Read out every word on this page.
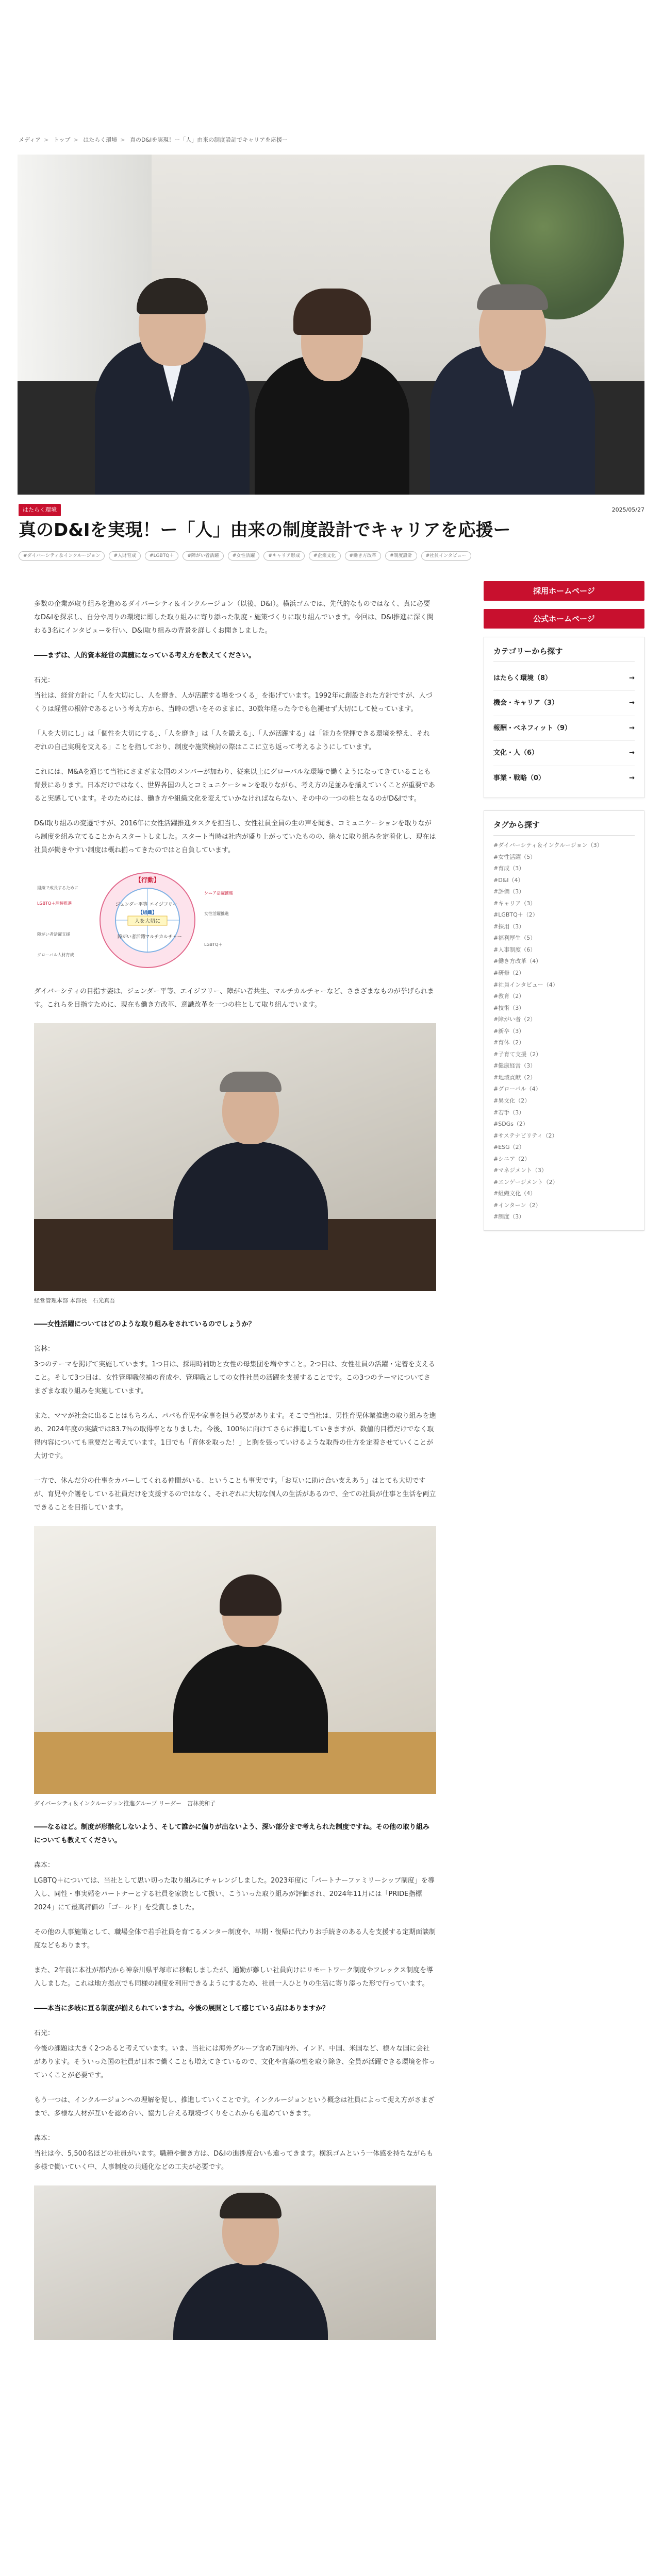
メディア > トップ > はたらく環境 > 真のD&Iを実現！ー「人」由来の制度設計でキャリアを応援ー
はたらく環境	2025/05/27
真のD&Iを実現！ー「人」由来の制度設計でキャリアを応援ー
#ダイバーシティ＆インクルージョン	#人財育成	#LGBTQ＋	#障がい者活躍	#女性活躍	#キャリア形成	#企業文化	#働き方改革	#制度設計	#社員インタビュー

多数の企業が取り組みを進めるダイバーシティ＆インクルージョン（以後、D&I）。横浜ゴムでは、先代的なものではなく、真に必要なD&Iを探求し、自分や周りの環境に即した取り組みに寄り添った制度・施策づくりに取り組んでいます。今回は、D&I推進に深く関わる3名にインタビューを行い、D&I取り組みの背景を詳しくお聞きしました。

――まずは、人的資本経営の真髄になっている考え方を教えてください。

石光：

当社は、経営方針に「人を大切にし、人を磨き、人が活躍する場をつくる」を掲げています。1992年に創設された方針ですが、人づくりは経営の根幹であるという考え方から、当時の想いをそのままに、30数年経った今でも色褪せず大切にして使っています。

「人を大切にし」は「個性を大切にする」、「人を磨き」は「人を鍛える」、「人が活躍する」は「能力を発揮できる環境を整え、それぞれの自己実現を支える」ことを指しており、制度や施策検討の際はここに立ち返って考えるようにしています。

これには、M&Aを通じて当社にさまざまな国のメンバーが加わり、従来以上にグローバルな環境で働くようになってきていることも背景にあります。日本だけではなく、世界各国の人とコミュニケーションを取りながら、考え方の足並みを揃えていくことが重要であると実感しています。そのためには、働き方や組織文化を変えていかなければならない、その中の一つの柱となるのがD&Iです。

D&I取り組みの変遷ですが、2016年に女性活躍推進タスクを担当し、女性社員全員の生の声を聞き、コミュニケーションを取りながら制度を組み立てることからスタートしました。スタート当時は社内が盛り上がっていたものの、徐々に取り組みを定着化し、現在は社員が働きやすい制度は概ね揃ってきたのではと自負しています。

人を大切に
【行動】
ジェンダー平等 エイジフリー
障がい者活躍 マルチカルチャー
【組織】
組織で成長するために
LGBTQ＋理解推進
障がい者活躍支援
グローバル人材育成
シニア活躍推進
女性活躍推進
LGBTQ＋

ダイバーシティの目指す姿は、ジェンダー平等、エイジフリー、障がい者共生、マルチカルチャーなど、さまざまなものが挙げられます。これらを目指すために、現在も働き方改革、意識改革を一つの柱として取り組んでいます。

経営管理本部 本部長　石光真吾

――女性活躍についてはどのような取り組みをされているのでしょうか？

宮林：

3つのテーマを掲げて実施しています。1つ目は、採用時補助と女性の母集団を増やすこと。2つ目は、女性社員の活躍・定着を支えること。そして3つ目は、女性管理職候補の育成や、管理職としての女性社員の活躍を支援することです。この3つのテーマについてさまざまな取り組みを実施しています。

また、ママが社会に出ることはもちろん、パパも育児や家事を担う必要があります。そこで当社は、男性育児休業推進の取り組みを進め、2024年度の実績では83.7％の取得率となりました。今後、100％に向けてさらに推進していきますが、数値的目標だけでなく取得内容についても重要だと考えています。1日でも「育休を取った！」と胸を張っていけるような取得の仕方を定着させていくことが大切です。

一方で、休んだ分の仕事をカバーしてくれる仲間がいる、ということも事実です。「お互いに助け合い支えあう」はとても大切ですが、育児や介護をしている社員だけを支援するのではなく、それぞれに大切な個人の生活があるので、全ての社員が仕事と生活を両立できることを目指しています。

ダイバーシティ＆インクルージョン推進グループ リーダー　宮林美和子

――なるほど。制度が形骸化しないよう、そして誰かに偏りが出ないよう、深い部分まで考えられた制度ですね。その他の取り組みについても教えてください。

森本：

LGBTQ＋については、当社として思い切った取り組みにチャレンジしました。2023年度に「パートナーファミリーシップ制度」を導入し、同性・事実婚をパートナーとする社員を家族として扱い、こういった取り組みが評価され、2024年11月には「PRIDE指標2024」にて最高評価の「ゴールド」を受賞しました。

その他の人事施策として、職場全体で若手社員を育てるメンター制度や、早期・復帰に代わりお手続きのある人を支援する定期面談制度などもあります。

また、2年前に本社が都内から神奈川県平塚市に移転しましたが、通勤が難しい社員向けにリモートワーク制度やフレックス制度を導入しました。これは地方拠点でも同様の制度を利用できるようにするため、社員一人ひとりの生活に寄り添った形で行っています。

――本当に多岐に亘る制度が揃えられていますね。今後の展開として感じている点はありますか？

石光：

今後の課題は大きく2つあると考えています。いま、当社には海外グループ含め7国内外、インド、中国、米国など、様々な国に会社があります。そういった国の社員が日本で働くことも増えてきているので、文化や言葉の壁を取り除き、全員が活躍できる環境を作っていくことが必要です。

もう一つは、インクルージョンへの理解を促し、推進していくことです。インクルージョンという概念は社員によって捉え方がさまざまで、多様な人材が互いを認め合い、協力し合える環境づくりをこれからも進めていきます。

森本：

当社は今、5,500名ほどの社員がいます。職種や働き方は、D&Iの進捗度合いも違ってきます。横浜ゴムという一体感を持ちながらも多様で働いていく中、人事制度の共通化などの工夫が必要です。

採用ホームページ
公式ホームページ
カテゴリーから探す
はたらく環境（8）	→
機会・キャリア（3）	→
報酬・ベネフィット（9）	→
文化・人（6）	→
事業・戦略（0）	→
タグから探す
#ダイバーシティ＆インクルージョン（3）
#女性活躍（5）
#育成（3）
#D&I（4）
#評価（3）
#キャリア（3）
#LGBTQ＋（2）
#採用（3）
#福利厚生（5）
#人事制度（6）
#働き方改革（4）
#研修（2）
#社員インタビュー（4）
#教育（2）
#技術（3）
#障がい者（2）
#新卒（3）
#育休（2）
#子育て支援（2）
#健康経営（3）
#地域貢献（2）
#グローバル（4）
#異文化（2）
#若手（3）
#SDGs（2）
#サステナビリティ（2）
#ESG（2）
#シニア（2）
#マネジメント（3）
#エンゲージメント（2）
#組織文化（4）
#インターン（2）
#制度（3）
